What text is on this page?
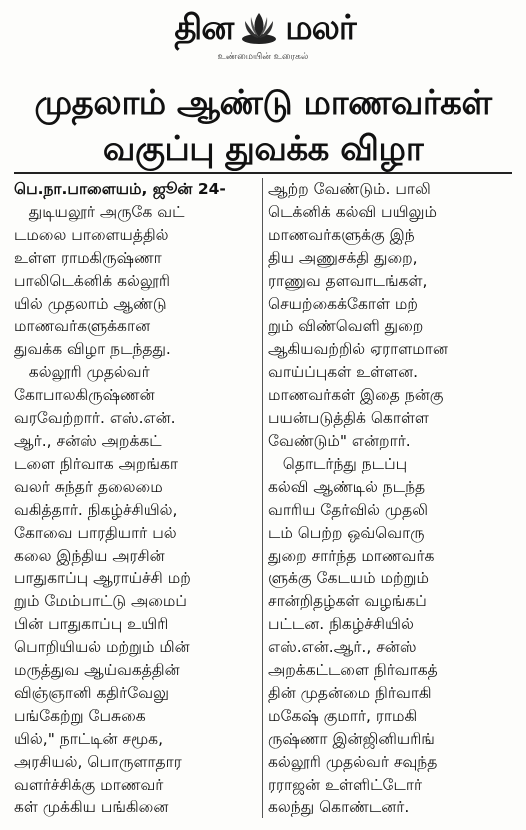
தின மலர்
உண்மையின் உரைகல்
முதலாம் ஆண்டு மாணவர்கள்
வகுப்பு துவக்க விழா
பெ.நா.பாளையம், ஜூன் 24-
துடியலூர் அருகே வட்
டமலை பாளையத்தில்
உள்ள ராமகிருஷ்ணா
பாலிடெக்னிக் கல்லூரி
யில் முதலாம் ஆண்டு
மாணவர்களுக்கான
துவக்க விழா நடந்தது.
கல்லூரி முதல்வர்
கோபாலகிருஷ்ணன்
வரவேற்றார். எஸ்.என்.
ஆர்., சன்ஸ் அறக்கட்
டளை நிர்வாக அறங்கா
வலர் சுந்தர் தலைமை
வகித்தார். நிகழ்ச்சியில்,
கோவை பாரதியார் பல்
கலை இந்திய அரசின்
பாதுகாப்பு ஆராய்ச்சி மற்
றும் மேம்பாட்டு அமைப்
பின் பாதுகாப்பு உயிரி
பொறியியல் மற்றும் மின்
மருத்துவ ஆய்வகத்தின்
விஞ்ஞானி கதிர்வேலு
பங்கேற்று பேசுகை
யில்," நாட்டின் சமூக,
அரசியல், பொருளாதார
வளர்ச்சிக்கு மாணவர்
கள் முக்கிய பங்கினை
ஆற்ற வேண்டும். பாலி
டெக்னிக் கல்வி பயிலும்
மாணவர்களுக்கு இந்
திய அணுசக்தி துறை,
ராணுவ தளவாடங்கள்,
செயற்கைக்கோள் மற்
றும் விண்வெளி துறை
ஆகியவற்றில் ஏராளமான
வாய்ப்புகள் உள்ளன.
மாணவர்கள் இதை நன்கு
பயன்படுத்திக் கொள்ள
வேண்டும்" என்றார்.
தொடர்ந்து நடப்பு
கல்வி ஆண்டில் நடந்த
வாரிய தேர்வில் முதலி
டம் பெற்ற ஒவ்வொரு
துறை சார்ந்த மாணவர்க
ளுக்கு கேடயம் மற்றும்
சான்றிதழ்கள் வழங்கப்
பட்டன. நிகழ்ச்சியில்
எஸ்.என்.ஆர்., சன்ஸ்
அறக்கட்டளை நிர்வாகத்
தின் முதன்மை நிர்வாகி
மகேஷ் குமார், ராமகி
ருஷ்ணா இன்ஜினியரிங்
கல்லூரி முதல்வர் சவுந்த
ரராஜன் உள்ளிட்டோர்
கலந்து கொண்டனர்.
